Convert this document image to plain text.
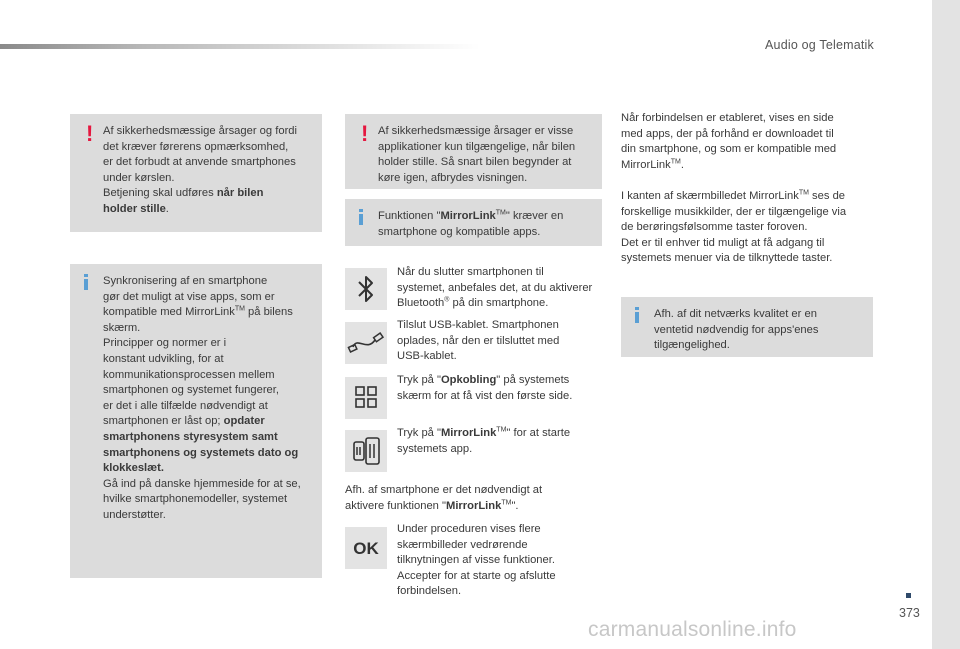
Audio og Telematik
! Af sikkerhedsmæssige årsager og fordi
det kræver førerens opmærksomhed,
er det forbudt at anvende smartphones
under kørslen.
Betjening skal udføres når bilen
holder stille.
Synkronisering af en smartphone
gør det muligt at vise apps, som er
kompatible med MirrorLink™ på bilens
skærm.
Principper og normer er i
konstant udvikling, for at
kommunikationsprocessen mellem
smartphonen og systemet fungerer,
er det i alle tilfælde nødvendigt at
smartphonen er låst op; opdater
smartphonens styresystem samt
smartphonens og systemets dato og
klokkeslæt.
Gå ind på danske hjemmeside for at se,
hvilke smartphonemodeller, systemet
understøtter.
! Af sikkerhedsmæssige årsager er visse
applikationer kun tilgængelige, når bilen
holder stille. Så snart bilen begynder at
køre igen, afbrydes visningen.
Funktionen "MirrorLink™" kræver en
smartphone og kompatible apps.
Når du slutter smartphonen til
systemet, anbefales det, at du aktiverer
Bluetooth® på din smartphone.
Tilslut USB-kablet. Smartphonen
oplades, når den er tilsluttet med
USB-kablet.
Tryk på "Opkobling" på systemets
skærm for at få vist den første side.
Tryk på "MirrorLink™" for at starte
systemets app.
Afh. af smartphone er det nødvendigt at
aktivere funktionen "MirrorLink™".
OK
Under proceduren vises flere
skærmbilleder vedrørende
tilknytningen af visse funktioner.
Accepter for at starte og afslutte
forbindelsen.
Når forbindelsen er etableret, vises en side
med apps, der på forhånd er downloadet til
din smartphone, og som er kompatible med
MirrorLink™.
I kanten af skærmbilledet MirrorLink™ ses de
forskellige musikkilder, der er tilgængelige via
de berøringsfølsomme taster foroven.
Det er til enhver tid muligt at få adgang til
systemets menuer via de tilknyttede taster.
Afh. af dit netværks kvalitet er en
ventetid nødvendig for apps'enes
tilgængelighed.
373
carmanualsonline.info
